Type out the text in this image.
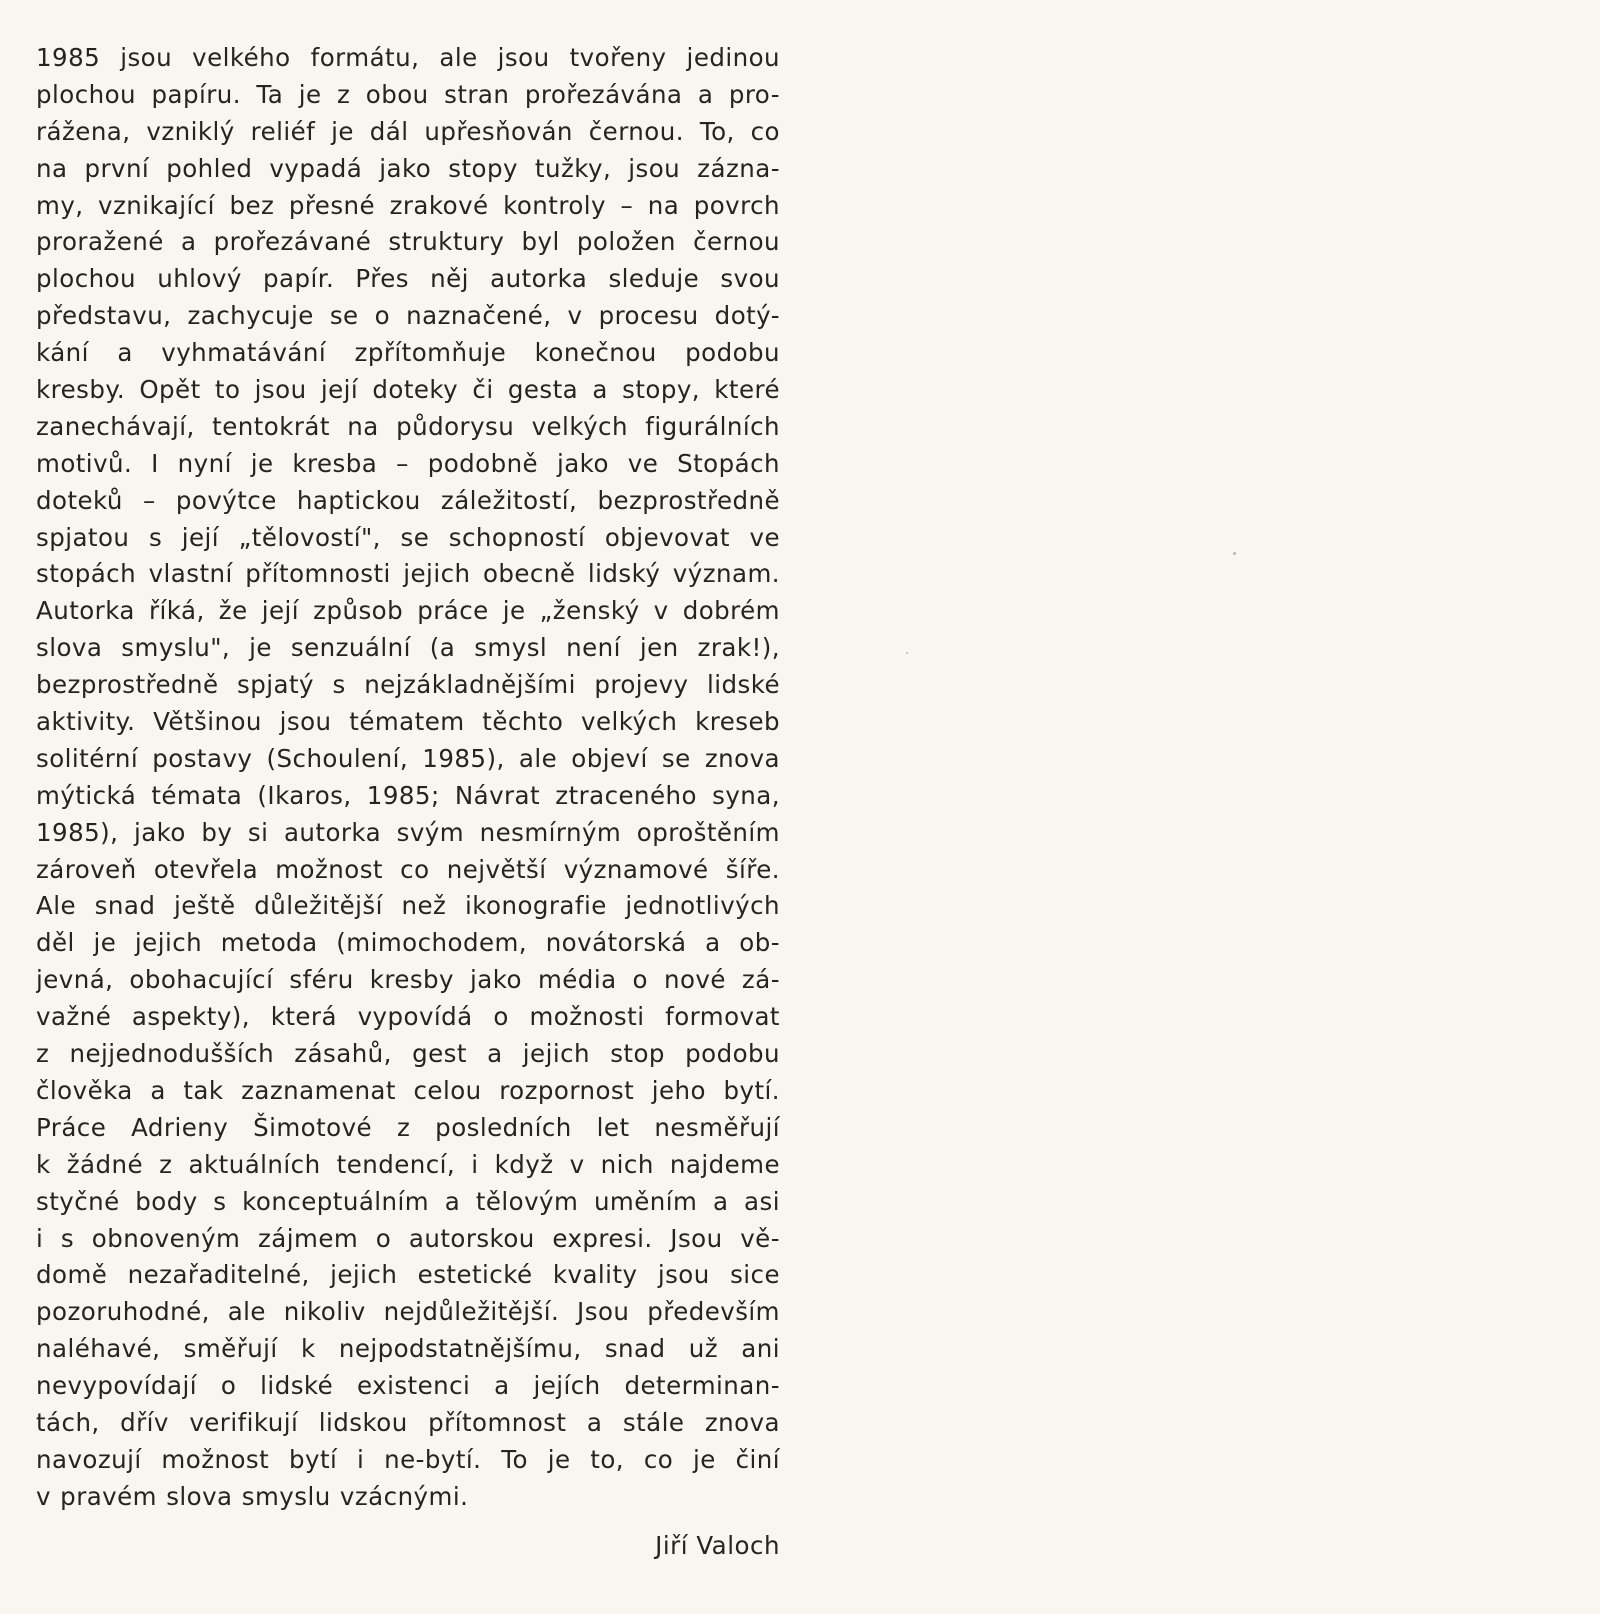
1985 jsou velkého formátu, ale jsou tvořeny jedinou
plochou papíru. Ta je z obou stran prořezávána a pro-
rážena, vzniklý reliéf je dál upřesňován černou. To, co
na první pohled vypadá jako stopy tužky, jsou zázna-
my, vznikající bez přesné zrakové kontroly – na povrch
proražené a prořezávané struktury byl položen černou
plochou uhlový papír. Přes něj autorka sleduje svou
představu, zachycuje se o naznačené, v procesu dotý-
kání a vyhmatávání zpřítomňuje konečnou podobu
kresby. Opět to jsou její doteky či gesta a stopy, které
zanechávají, tentokrát na půdorysu velkých figurálních
motivů. I nyní je kresba – podobně jako ve Stopách
doteků – povýtce haptickou záležitostí, bezprostředně
spjatou s její „tělovostí", se schopností objevovat ve
stopách vlastní přítomnosti jejich obecně lidský význam.
Autorka říká, že její způsob práce je „ženský v dobrém
slova smyslu", je senzuální (a smysl není jen zrak!),
bezprostředně spjatý s nejzákladnějšími projevy lidské
aktivity. Většinou jsou tématem těchto velkých kreseb
solitérní postavy (Schoulení, 1985), ale objeví se znova
mýtická témata (Ikaros, 1985; Návrat ztraceného syna,
1985), jako by si autorka svým nesmírným oproštěním
zároveň otevřela možnost co největší významové šíře.
Ale snad ještě důležitější než ikonografie jednotlivých
děl je jejich metoda (mimochodem, novátorská a ob-
jevná, obohacující sféru kresby jako média o nové zá-
važné aspekty), která vypovídá o možnosti formovat
z nejjednodušších zásahů, gest a jejich stop podobu
člověka a tak zaznamenat celou rozpornost jeho bytí.
Práce Adrieny Šimotové z posledních let nesměřují
k žádné z aktuálních tendencí, i když v nich najdeme
styčné body s konceptuálním a tělovým uměním a asi
i s obnoveným zájmem o autorskou expresi. Jsou vě-
domě nezařaditelné, jejich estetické kvality jsou sice
pozoruhodné, ale nikoliv nejdůležitější. Jsou především
naléhavé, směřují k nejpodstatnějšímu, snad už ani
nevypovídají o lidské existenci a jejích determinan-
tách, dřív verifikují lidskou přítomnost a stále znova
navozují možnost bytí i ne-bytí. To je to, co je činí
v pravém slova smyslu vzácnými.
Jiří Valoch
